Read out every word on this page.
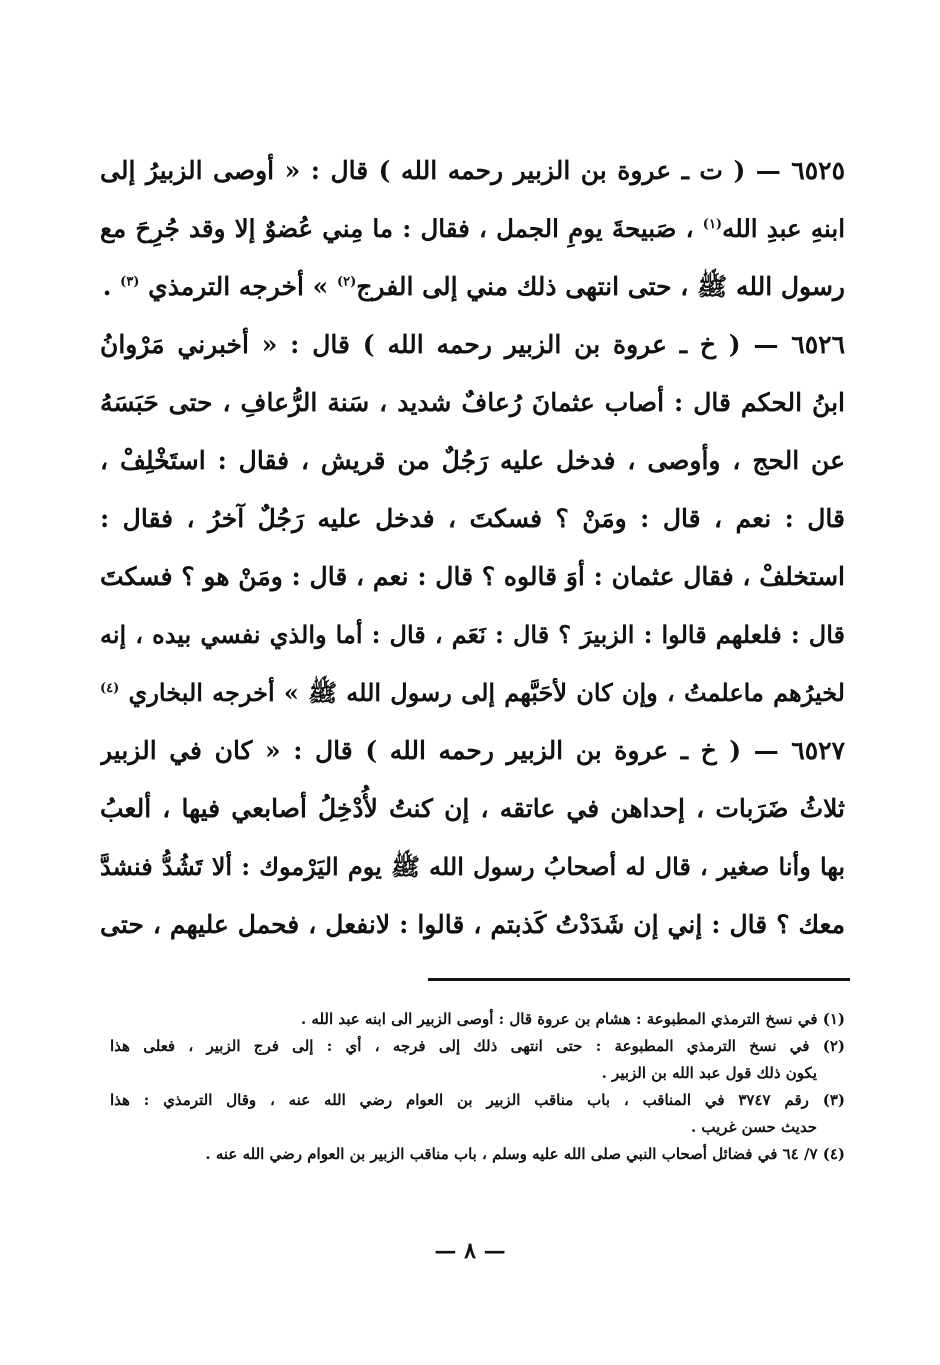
٦٥٢٥ — ( ت ـ عروة بن الزبير رحمه الله ) قال : « أوصى الزبيرُ إلى
ابنهِ عبدِ الله$^{(١)}$ ، صَبيحةَ يومِ الجمل ، فقال : ما مِني عُضوٌ إلا وقد جُرِحَ مع
رسول الله ﷺ ، حتى انتهى ذلك مني إلى الفرج$^{(٢)}$ » أخرجه الترمذي $^{(٣)}$ .
٦٥٢٦ — ( خ ـ عروة بن الزبير رحمه الله ) قال : « أخبرني مَرْوانُ
ابنُ الحكم قال : أصاب عثمانَ رُعافٌ شديد ، سَنة الرُّعافِ ، حتى حَبَسَهُ
عن الحج ، وأوصى ، فدخل عليه رَجُلٌ من قريش ، فقال : استَخْلِفْ ،
قال : نعم ، قال : ومَنْ ؟ فسكتَ ، فدخل عليه رَجُلٌ آخرُ ، فقال :
استخلفْ ، فقال عثمان : أوَ قالوه ؟ قال : نعم ، قال : ومَنْ هو ؟ فسكتَ
قال : فلعلهم قالوا : الزبيرَ ؟ قال : نَعَم ، قال : أما والذي نفسي بيده ، إنه
لخيرُهم ماعلمتُ ، وإن كان لأحَبَّهم إلى رسول الله ﷺ » أخرجه البخاري $^{(٤)}$
٦٥٢٧ — ( خ ـ عروة بن الزبير رحمه الله ) قال : « كان في الزبير
ثلاثُ ضَرَبات ، إحداهن في عاتقه ، إن كنتُ لأُدْخِلُ أصابعي فيها ، ألعبُ
بها وأنا صغير ، قال له أصحابُ رسول الله ﷺ يوم اليَرْموك : ألا تَشُدُّ فنشدَّ
معك ؟ قال : إني إن شَدَدْتُ كَذبتم ، قالوا : لانفعل ، فحمل عليهم ، حتى
(١) في نسخ الترمذي المطبوعة : هشام بن عروة قال : أوصى الزبير الى ابنه عبد الله .
(٢) في نسخ الترمذي المطبوعة : حتى انتهى ذلك إلى فرجه ، أي : إلى فرج الزبير ، فعلى هذا
يكون ذلك قول عبد الله بن الزبير .
(٣) رقم ٣٧٤٧ في المناقب ، باب مناقب الزبير بن العوام رضي الله عنه ، وقال الترمذي : هذا
حديث حسن غريب .
(٤) ٧/ ٦٤ في فضائل أصحاب النبي صلى الله عليه وسلم ، باب مناقب الزبير بن العوام رضي الله عنه .
— ٨ —
